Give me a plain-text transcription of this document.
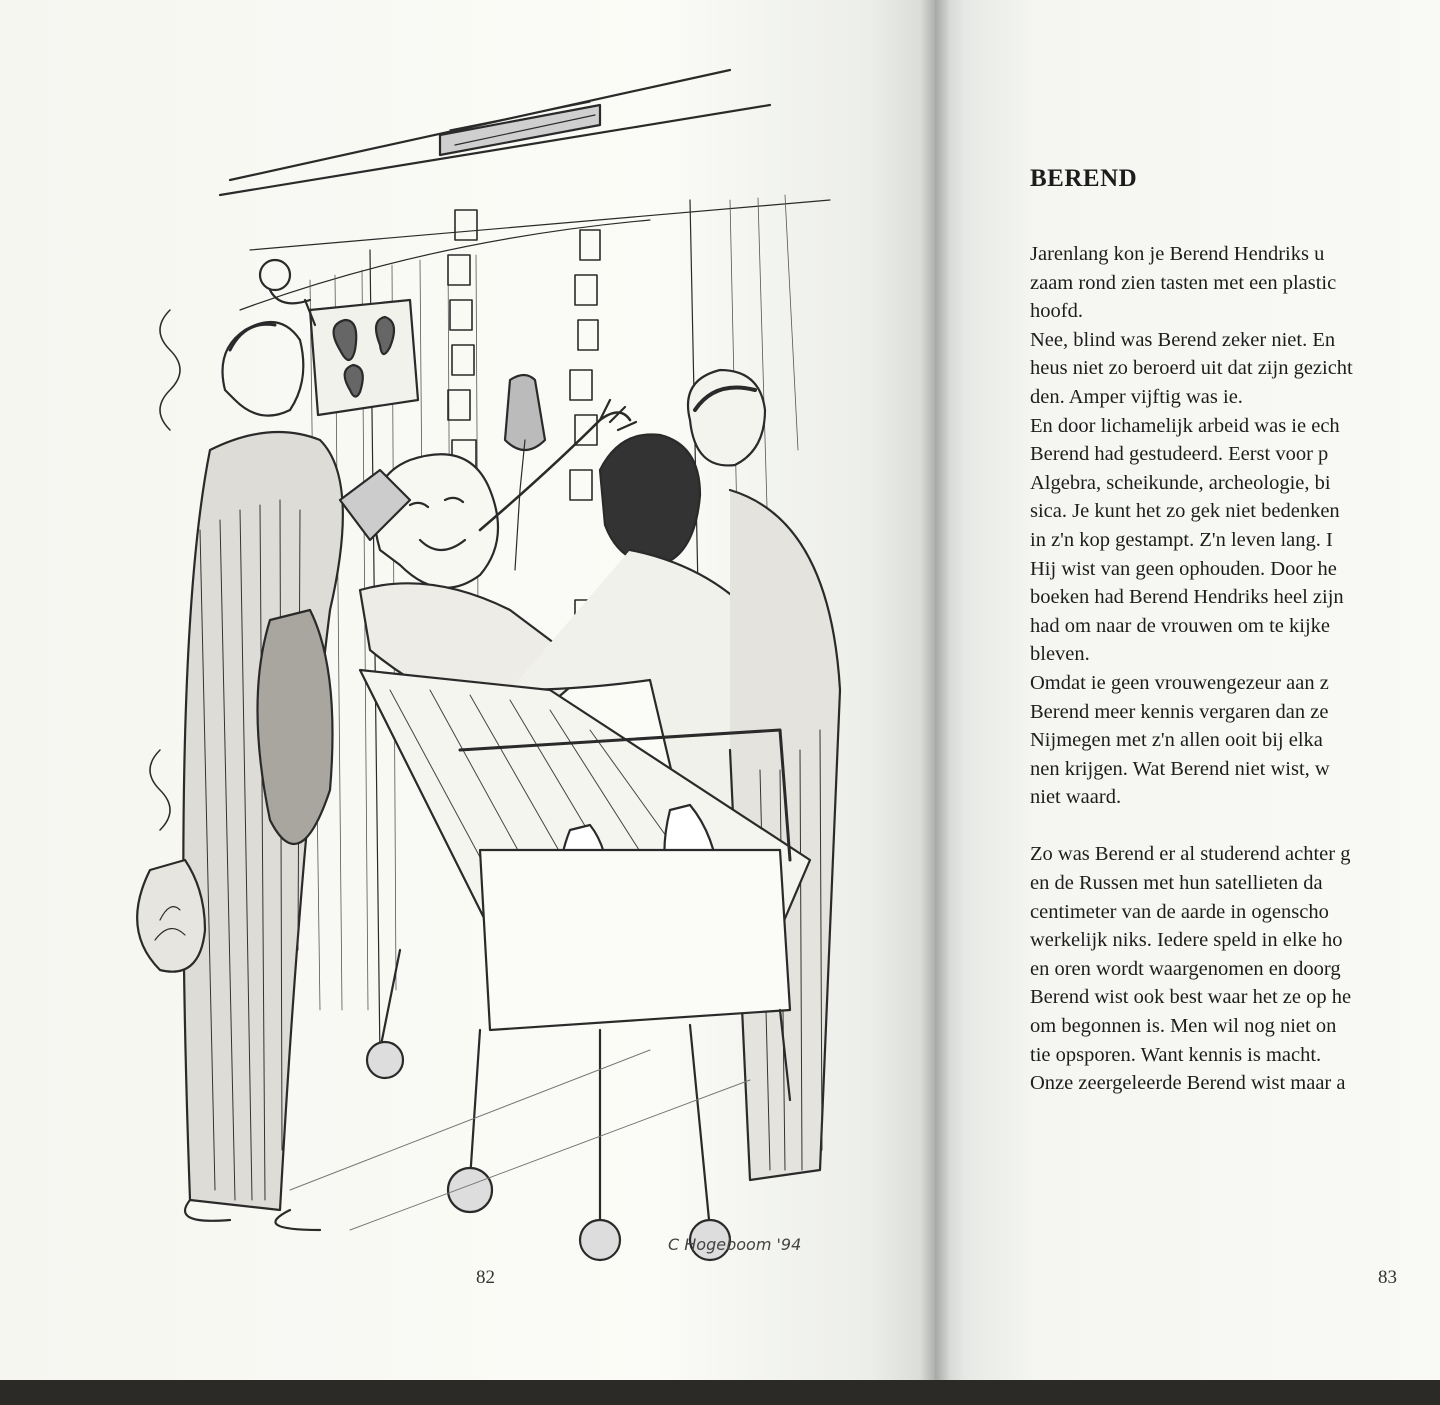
C Hogeboom '94
82
BEREND
Jarenlang kon je Berend Hendriks u
zaam rond zien tasten met een plastic
hoofd.
Nee, blind was Berend zeker niet. En
heus niet zo beroerd uit dat zijn gezicht
den. Amper vijftig was ie.
En door lichamelijk arbeid was ie ech
Berend had gestudeerd. Eerst voor p
Algebra, scheikunde, archeologie, bi
sica. Je kunt het zo gek niet bedenken
in z'n kop gestampt. Z'n leven lang. I
Hij wist van geen ophouden. Door he
boeken had Berend Hendriks heel zijn
had om naar de vrouwen om te kijke
bleven.
Omdat ie geen vrouwengezeur aan z
Berend meer kennis vergaren dan ze
Nijmegen met z'n allen ooit bij elka
nen krijgen. Wat Berend niet wist, w
niet waard.
Zo was Berend er al studerend achter g
en de Russen met hun satellieten da
centimeter van de aarde in ogenscho
werkelijk niks. Iedere speld in elke ho
en oren wordt waargenomen en doorg
Berend wist ook best waar het ze op he
om begonnen is. Men wil nog niet on
tie opsporen. Want kennis is macht.
Onze zeergeleerde Berend wist maar a
83
